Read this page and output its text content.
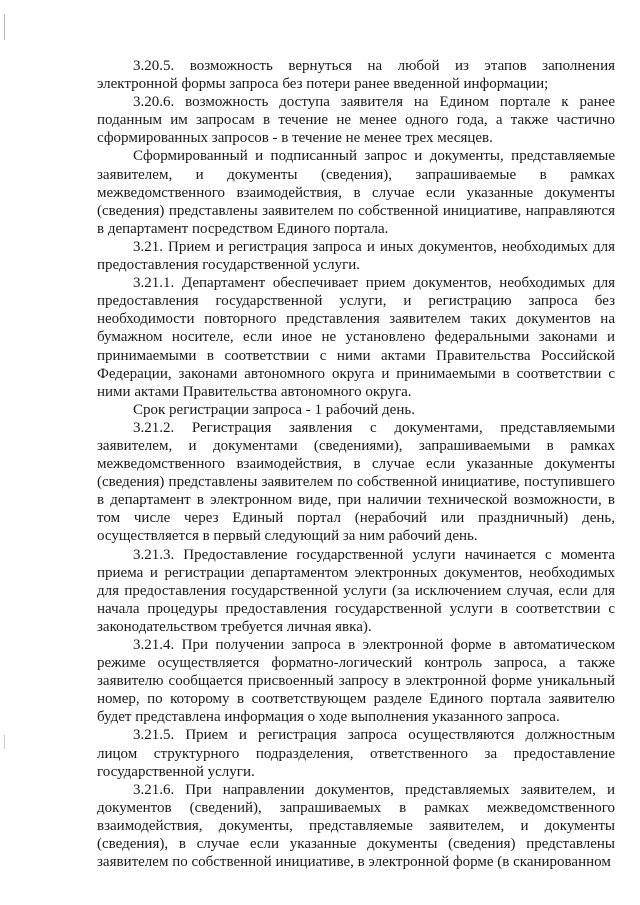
3.20.5. возможность вернуться на любой из этапов заполнения электронной формы запроса без потери ранее введенной информации;

3.20.6. возможность доступа заявителя на Едином портале к ранее поданным им запросам в течение не менее одного года, а также частично сформированных запросов - в течение не менее трех месяцев.

Сформированный и подписанный запрос и документы, представляемые заявителем, и документы (сведения), запрашиваемые в рамках межведомственного взаимодействия, в случае если указанные документы (сведения) представлены заявителем по собственной инициативе, направляются в департамент посредством Единого портала.

3.21. Прием и регистрация запроса и иных документов, необходимых для предоставления государственной услуги.

3.21.1. Департамент обеспечивает прием документов, необходимых для предоставления государственной услуги, и регистрацию запроса без необходимости повторного представления заявителем таких документов на бумажном носителе, если иное не установлено федеральными законами и принимаемыми в соответствии с ними актами Правительства Российской Федерации, законами автономного округа и принимаемыми в соответствии с ними актами Правительства автономного округа.

Срок регистрации запроса - 1 рабочий день.

3.21.2. Регистрация заявления с документами, представляемыми заявителем, и документами (сведениями), запрашиваемыми в рамках межведомственного взаимодействия, в случае если указанные документы (сведения) представлены заявителем по собственной инициативе, поступившего в департамент в электронном виде, при наличии технической возможности, в том числе через Единый портал (нерабочий или праздничный) день, осуществляется в первый следующий за ним рабочий день.

3.21.3. Предоставление государственной услуги начинается с момента приема и регистрации департаментом электронных документов, необходимых для предоставления государственной услуги (за исключением случая, если для начала процедуры предоставления государственной услуги в соответствии с законодательством требуется личная явка).

3.21.4. При получении запроса в электронной форме в автоматическом режиме осуществляется форматно-логический контроль запроса, а также заявителю сообщается присвоенный запросу в электронной форме уникальный номер, по которому в соответствующем разделе Единого портала заявителю будет представлена информация о ходе выполнения указанного запроса.

3.21.5. Прием и регистрация запроса осуществляются должностным лицом структурного подразделения, ответственного за предоставление государственной услуги.

3.21.6. При направлении документов, представляемых заявителем, и документов (сведений), запрашиваемых в рамках межведомственного взаимодействия, документы, представляемые заявителем, и документы (сведения), в случае если указанные документы (сведения) представлены заявителем по собственной инициативе, в электронной форме (в сканированном
